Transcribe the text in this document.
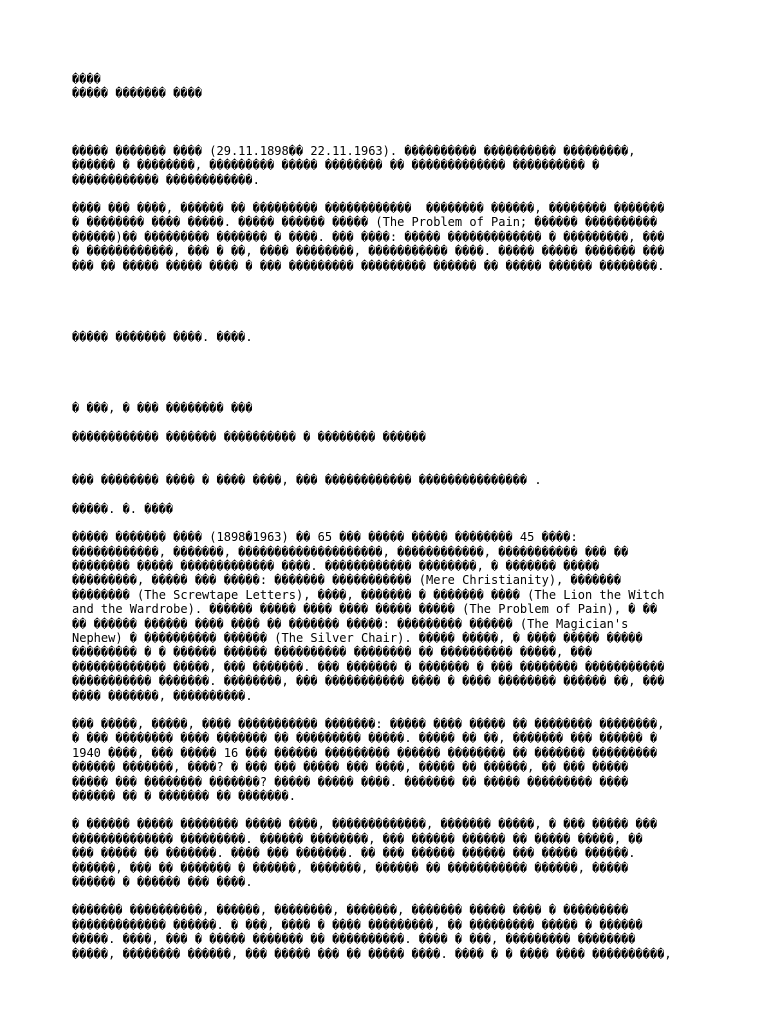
����

����� ������� ����

����� ������� ���� (29.11.1898�� 22.11.1963). ���������� ���������� ���������,
������ � ��������, ��������� ����� �������� �� ������������� ���������� �
������������ ������������.

���� ��� ����, ������ �� ��������� ������������  �������� ������, �������� �������
� �������� ���� �����. ����� ������ ����� (The Problem of Pain; ������ ����������
������)�� ��������� ������� � ����. ��� ����: ����� ������������� � ���������, ���
� ������������, ��� � ��, ���� ��������, ����������� ����. ����� ����� ������� ���
��� �� ����� ����� ���� � ��� ��������� ��������� ������ �� ����� ������ ��������.

����� ������� ����. ����.

� ���, � ��� �������� ���

������������ ������� ���������� � �������� ������

��� �������� ���� � ���� ����, ��� ������������ ��������������� .

�����. �. ����

����� ������� ���� (1898�1963) �� 65 ��� ����� ����� �������� 45 ����:
������������, �������, ��������������������, ������������, ����������� ��� ��
�������� ����� ������������� ����. ������������ ��������, � ������� �����
���������, ����� ��� �����: ������� ����������� (Mere Christianity), �������
�������� (The Screwtape Letters), ����, ������� � ������� ���� (The Lion the Witch
and the Wardrobe). ������ ����� ���� ���� ����� ����� (The Problem of Pain), � ��
�� ������ ������ ���� ���� �� ������� �����: ��������� ������ (The Magician's
Nephew) � ���������� ������ (The Silver Chair). ����� �����, � ���� ����� �����
��������� � � ������ ������ ���������� �������� �� ���������� �����, ���
������������� �����, ��� �������. ��� ������� � ������� � ��� �������� �����������
����������� �������. ��������, ��� ����������� ���� � ���� �������� ������ ��, ���
���� �������, ����������.

��� �����, �����, ���� ����������� �������: ����� ���� ����� �� �������� ��������,
� ��� �������� ���� ������� �� ��������� �����. ����� �� ��, ������� ��� ������ �
1940 ����, ��� ����� 16 ��� ������ ��������� ������ �������� �� ������� ���������
������ �������, ����? � ��� ��� ����� ��� ����, ����� �� ������, �� ��� �����
����� ��� �������� �������? ����� ����� ����. ������� �� ����� ��������� ����
������ �� � ������� �� �������.

� ������ ����� �������� ����� ����, �������������, ������� �����, � ��� ����� ���
�������������� ���������. ������ ��������, ��� ������ ������ �� ����� �����, ��
��� ����� �� �������. ���� ��� �������. �� ��� ������ ������ ��� ����� ������.
������, ��� �� ������� � ������, �������, ������ �� ����������� ������, �����
������ � ������ ��� ����.

������� ����������, ������, ��������, �������, ������� ����� ���� � ���������
������������� ������. � ���, ���� � ���� ���������, �� ��������� ����� � ������
�����. ����, ��� � ����� ������� �� ����������. ���� � ���, ��������� ��������
�����, �������� ������, ��� ����� ��� �� ����� ����. ���� � � ���� ���� ����������,
